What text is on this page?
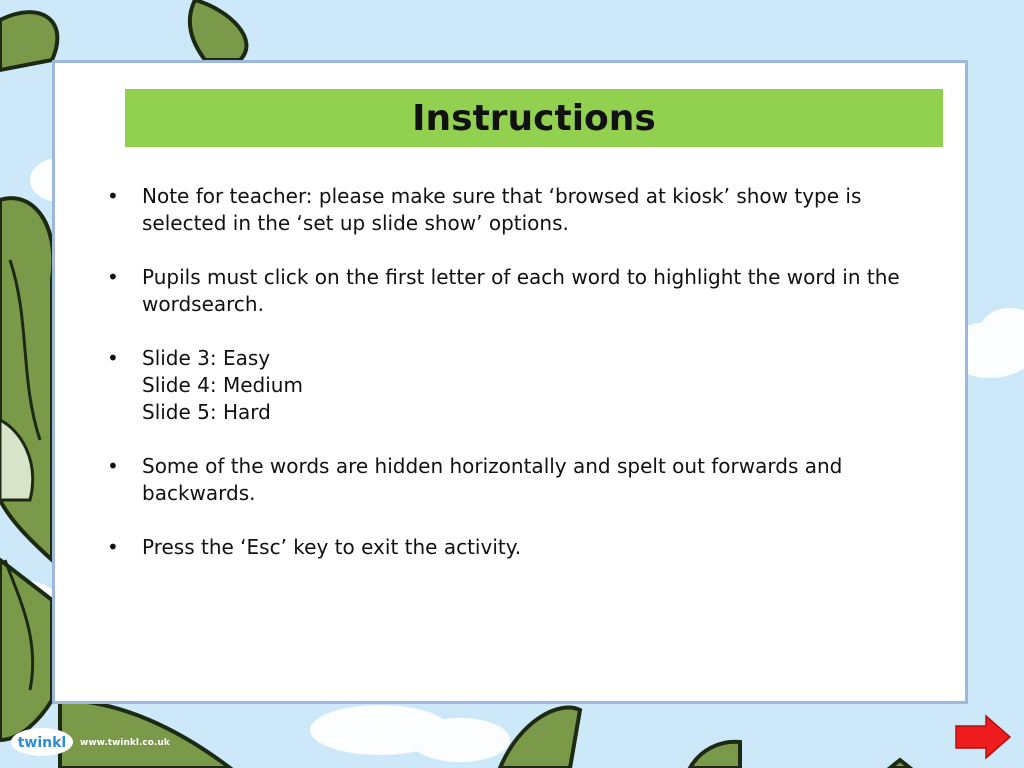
Instructions
• Note for teacher: please make sure that ‘browsed at kiosk’ show type is
selected in the ‘set up slide show’ options.
• Pupils must click on the first letter of each word to highlight the word in the
wordsearch.
• Slide 3: Easy
Slide 4: Medium
Slide 5: Hard
• Some of the words are hidden horizontally and spelt out forwards and
backwards.
• Press the ‘Esc’ key to exit the activity.
twinkl www.twinkl.co.uk
